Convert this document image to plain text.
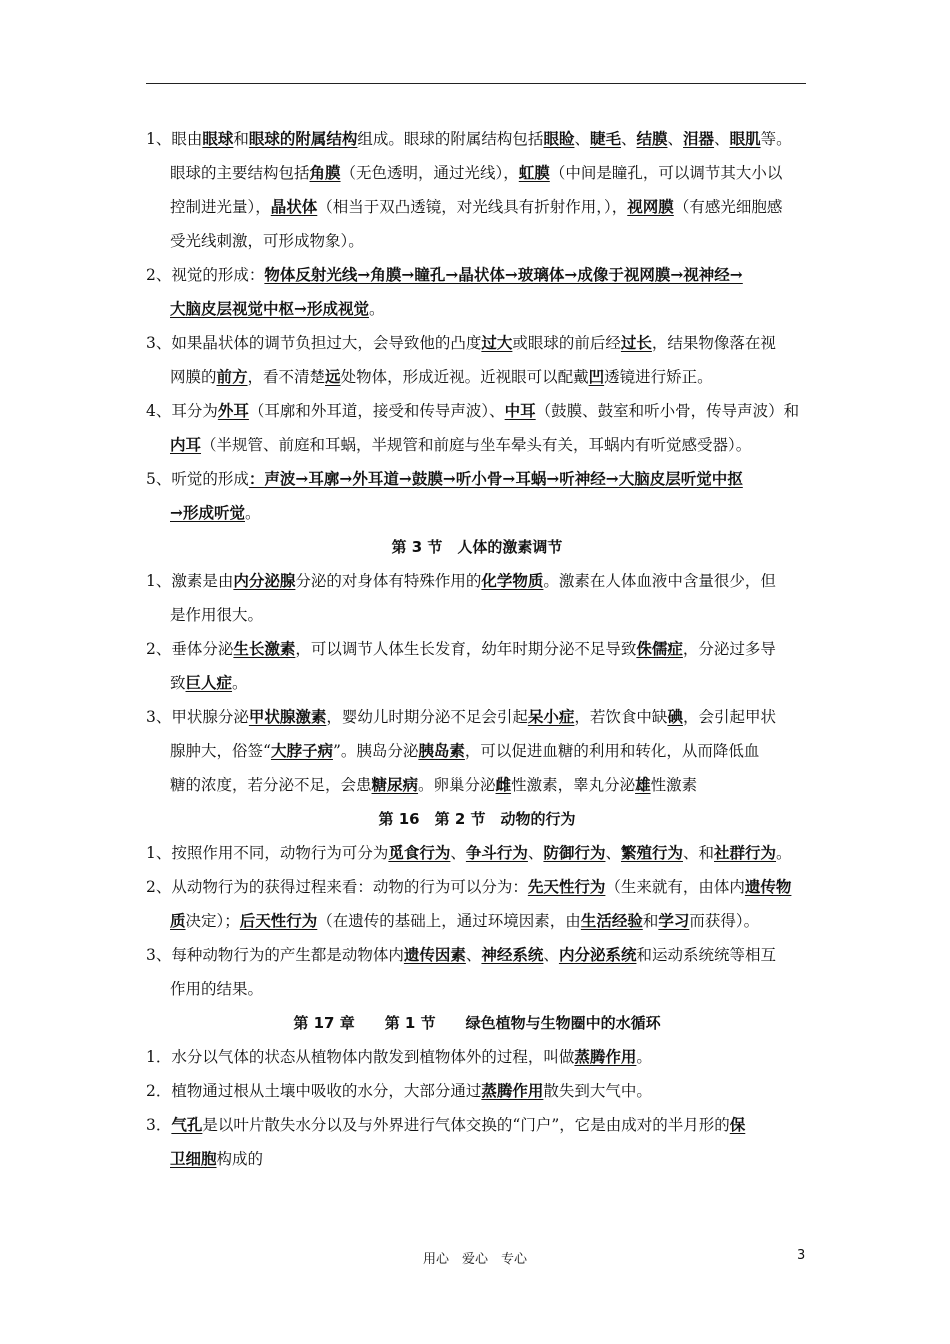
1、眼由眼球和眼球的附属结构组成。眼球的附属结构包括眼睑、睫毛、结膜、泪器、眼肌等。
眼球的主要结构包括角膜（无色透明，通过光线），虹膜（中间是瞳孔，可以调节其大小以
控制进光量），晶状体（相当于双凸透镜，对光线具有折射作用，），视网膜（有感光细胞感
受光线刺激，可形成物象）。
2、视觉的形成：物体反射光线→角膜→瞳孔→晶状体→玻璃体→成像于视网膜→视神经→
大脑皮层视觉中枢→形成视觉。
3、如果晶状体的调节负担过大，会导致他的凸度过大或眼球的前后经过长，结果物像落在视
网膜的前方，看不清楚远处物体，形成近视。近视眼可以配戴凹透镜进行矫正。
4、耳分为外耳（耳廓和外耳道，接受和传导声波）、中耳（鼓膜、鼓室和听小骨，传导声波）和
内耳（半规管、前庭和耳蜗，半规管和前庭与坐车晕头有关，耳蜗内有听觉感受器）。
5、听觉的形成：声波→耳廓→外耳道→鼓膜→听小骨→耳蜗→听神经→大脑皮层听觉中抠
→形成听觉。
第 3 节　人体的激素调节
1、激素是由内分泌腺分泌的对身体有特殊作用的化学物质。激素在人体血液中含量很少，但
是作用很大。
2、垂体分泌生长激素，可以调节人体生长发育，幼年时期分泌不足导致侏儒症，分泌过多导
致巨人症。
3、甲状腺分泌甲状腺激素，婴幼儿时期分泌不足会引起呆小症，若饮食中缺碘，会引起甲状
腺肿大，俗签“大脖子病”。胰岛分泌胰岛素，可以促进血糖的利用和转化，从而降低血
糖的浓度，若分泌不足，会患糖尿病。卵巢分泌雌性激素，睾丸分泌雄性激素
第 16　第 2 节　动物的行为
1、按照作用不同，动物行为可分为觅食行为、争斗行为、防御行为、繁殖行为、和社群行为。
2、从动物行为的获得过程来看：动物的行为可以分为：先天性行为（生来就有，由体内遗传物
质决定）；后天性行为（在遗传的基础上，通过环境因素，由生活经验和学习而获得）。
3、每种动物行为的产生都是动物体内遗传因素、神经系统、内分泌系统和运动系统统等相互
作用的结果。
第 17 章　　第 1 节　　绿色植物与生物圈中的水循环
1．水分以气体的状态从植物体内散发到植物体外的过程，叫做蒸腾作用。
2．植物通过根从土壤中吸收的水分，大部分通过蒸腾作用散失到大气中。
3．气孔是以叶片散失水分以及与外界进行气体交换的“门户”，它是由成对的半月形的保
卫细胞构成的
用心　爱心　专心	3
